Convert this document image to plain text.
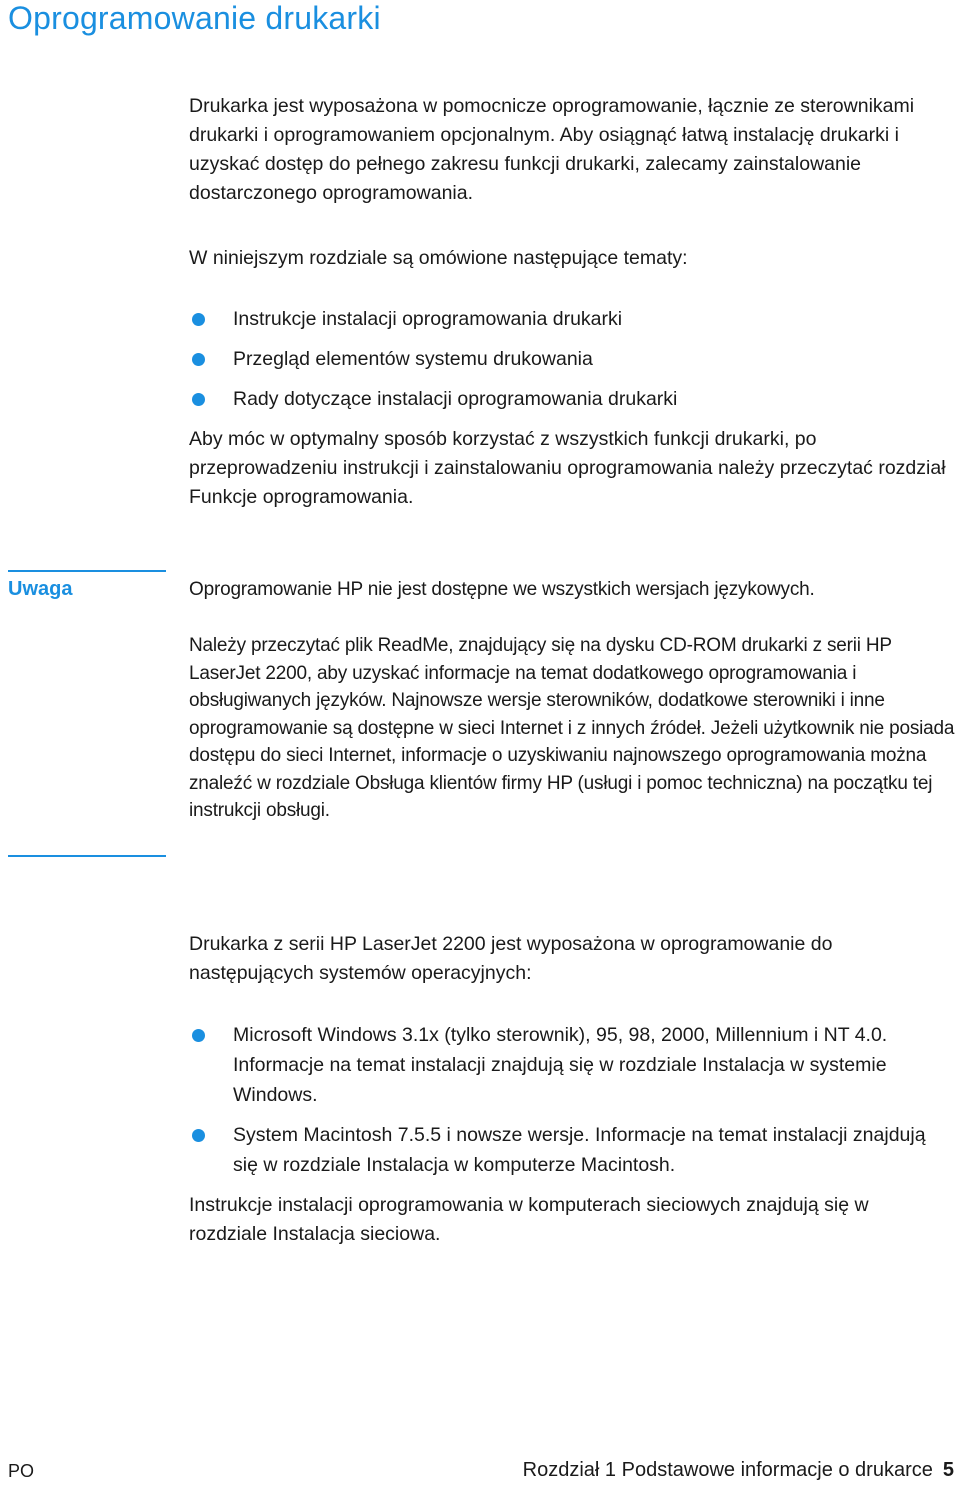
Oprogramowanie drukarki

Drukarka jest wyposażona w pomocnicze oprogramowanie, łącznie ze sterownikami drukarki i oprogramowaniem opcjonalnym. Aby osiągnąć łatwą instalację drukarki i uzyskać dostęp do pełnego zakresu funkcji drukarki, zalecamy zainstalowanie dostarczonego oprogramowania.

W niniejszym rozdziale są omówione następujące tematy:

Instrukcje instalacji oprogramowania drukarki
Przegląd elementów systemu drukowania
Rady dotyczące instalacji oprogramowania drukarki

Aby móc w optymalny sposób korzystać z wszystkich funkcji drukarki, po przeprowadzeniu instrukcji i zainstalowaniu oprogramowania należy przeczytać rozdział Funkcje oprogramowania.

Uwaga	Oprogramowanie HP nie jest dostępne we wszystkich wersjach językowych.

Należy przeczytać plik ReadMe, znajdujący się na dysku CD-ROM drukarki z serii HP LaserJet 2200, aby uzyskać informacje na temat dodatkowego oprogramowania i obsługiwanych języków. Najnowsze wersje sterowników, dodatkowe sterowniki i inne oprogramowanie są dostępne w sieci Internet i z innych źródeł. Jeżeli użytkownik nie posiada dostępu do sieci Internet, informacje o uzyskiwaniu najnowszego oprogramowania można znaleźć w rozdziale Obsługa klientów firmy HP (usługi i pomoc techniczna) na początku tej instrukcji obsługi.

Drukarka z serii HP LaserJet 2200 jest wyposażona w oprogramowanie do następujących systemów operacyjnych:

Microsoft Windows 3.1x (tylko sterownik), 95, 98, 2000, Millennium i NT 4.0. Informacje na temat instalacji znajdują się w rozdziale Instalacja w systemie Windows.
System Macintosh 7.5.5 i nowsze wersje. Informacje na temat instalacji znajdują się w rozdziale Instalacja w komputerze Macintosh.

Instrukcje instalacji oprogramowania w komputerach sieciowych znajdują się w rozdziale Instalacja sieciowa.

PO	Rozdział 1 Podstawowe informacje o drukarce 5
